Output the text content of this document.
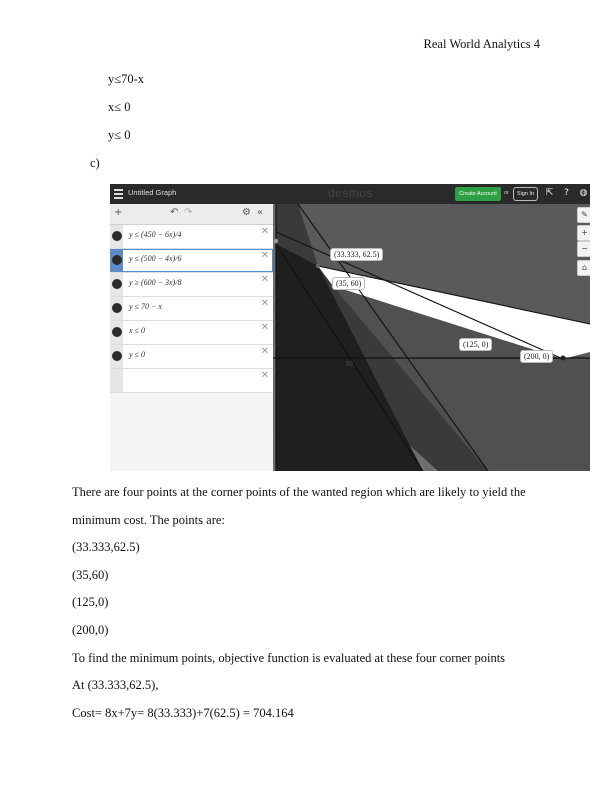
Real World Analytics 4
y≤70-x
x≤ 0
y≤ 0
c)
Untitled Graph	desmos	Create Account	or	Sign In	⇱	?	◍
+	↶ ↷	⚙ «
y ≤ (450 − 6x)/4	✕
y ≤ (500 − 4x)/6	✕
y ≥ (600 − 3x)/8	✕
y ≤ 70 − x	✕
x ≤ 0	✕
y ≤ 0	✕
✕
50	100	150	200
(33.333, 62.5)
(35, 60)
(125, 0)
(200, 0)
✎
+
−
⌂
There are four points at the corner points of the wanted region which are likely to yield the
minimum cost. The points are:
(33.333,62.5)
(35,60)
(125,0)
(200,0)
To find the minimum points, objective function is evaluated at these four corner points
At (33.333,62.5),
Cost= 8x+7y= 8(33.333)+7(62.5) = 704.164
